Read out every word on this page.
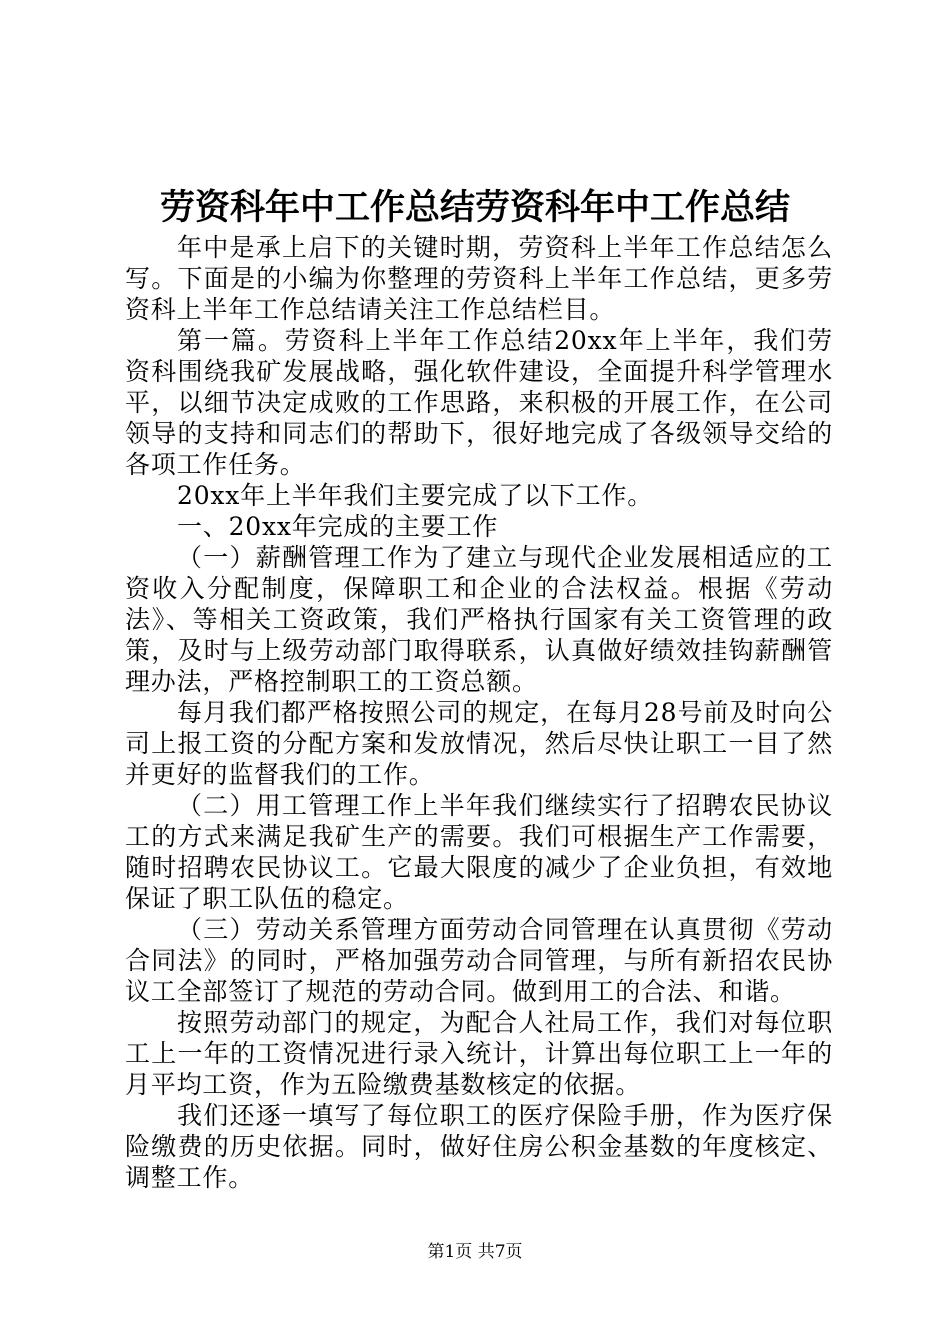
劳资科年中工作总结劳资科年中工作总结

年中是承上启下的关键时期，劳资科上半年工作总结怎么写。下面是的小编为你整理的劳资科上半年工作总结，更多劳资科上半年工作总结请关注工作总结栏目。

第一篇。劳资科上半年工作总结20xx年上半年，我们劳资科围绕我矿发展战略，强化软件建设，全面提升科学管理水平，以细节决定成败的工作思路，来积极的开展工作，在公司领导的支持和同志们的帮助下，很好地完成了各级领导交给的各项工作任务。

20xx年上半年我们主要完成了以下工作。

一、20xx年完成的主要工作

（一）薪酬管理工作为了建立与现代企业发展相适应的工资收入分配制度，保障职工和企业的合法权益。根据《劳动法》、等相关工资政策，我们严格执行国家有关工资管理的政策，及时与上级劳动部门取得联系，认真做好绩效挂钩薪酬管理办法，严格控制职工的工资总额。

每月我们都严格按照公司的规定，在每月28号前及时向公司上报工资的分配方案和发放情况，然后尽快让职工一目了然并更好的监督我们的工作。

（二）用工管理工作上半年我们继续实行了招聘农民协议工的方式来满足我矿生产的需要。我们可根据生产工作需要，随时招聘农民协议工。它最大限度的减少了企业负担，有效地保证了职工队伍的稳定。

（三）劳动关系管理方面劳动合同管理在认真贯彻《劳动合同法》的同时，严格加强劳动合同管理，与所有新招农民协议工全部签订了规范的劳动合同。做到用工的合法、和谐。

按照劳动部门的规定，为配合人社局工作，我们对每位职工上一年的工资情况进行录入统计，计算出每位职工上一年的月平均工资，作为五险缴费基数核定的依据。

我们还逐一填写了每位职工的医疗保险手册，作为医疗保险缴费的历史依据。同时，做好住房公积金基数的年度核定、调整工作。

第1页 共7页
